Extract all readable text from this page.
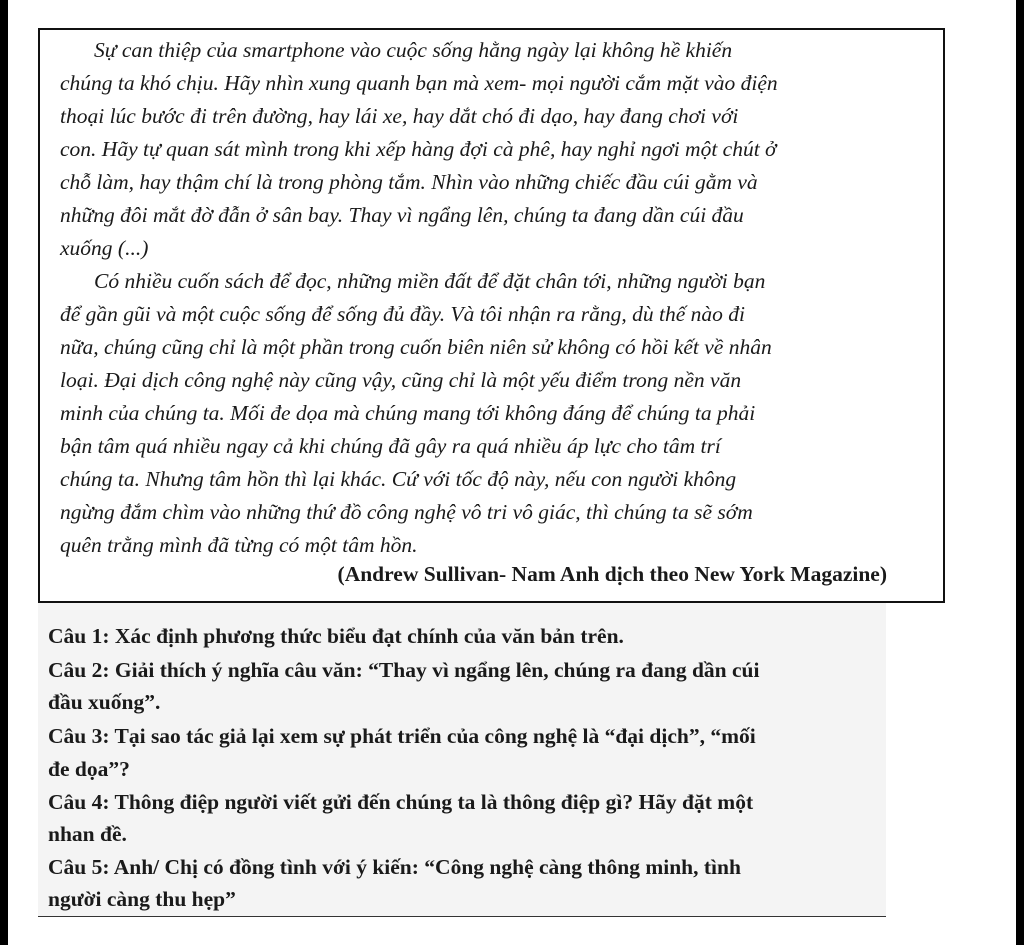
Sự can thiệp của smartphone vào cuộc sống hằng ngày lại không hề khiến
chúng ta khó chịu. Hãy nhìn xung quanh bạn mà xem- mọi người cắm mặt vào điện
thoại lúc bước đi trên đường, hay lái xe, hay dắt chó đi dạo, hay đang chơi với
con. Hãy tự quan sát mình trong khi xếp hàng đợi cà phê, hay nghỉ ngơi một chút ở
chỗ làm, hay thậm chí là trong phòng tắm. Nhìn vào những chiếc đầu cúi gằm và
những đôi mắt đờ đẫn ở sân bay. Thay vì ngẩng lên, chúng ta đang dần cúi đầu
xuống (...)
Có nhiều cuốn sách để đọc, những miền đất để đặt chân tới, những người bạn
để gần gũi và một cuộc sống để sống đủ đầy. Và tôi nhận ra rằng, dù thế nào đi
nữa, chúng cũng chỉ là một phần trong cuốn biên niên sử không có hồi kết về nhân
loại. Đại dịch công nghệ này cũng vậy, cũng chỉ là một yếu điểm trong nền văn
minh của chúng ta. Mối đe dọa mà chúng mang tới không đáng để chúng ta phải
bận tâm quá nhiều ngay cả khi chúng đã gây ra quá nhiều áp lực cho tâm trí
chúng ta. Nhưng tâm hồn thì lại khác. Cứ với tốc độ này, nếu con người không
ngừng đắm chìm vào những thứ đồ công nghệ vô tri vô giác, thì chúng ta sẽ sớm
quên trằng mình đã từng có một tâm hồn.
(Andrew Sullivan- Nam Anh dịch theo New York Magazine)
Câu 1: Xác định phương thức biểu đạt chính của văn bản trên.
Câu 2: Giải thích ý nghĩa câu văn: “Thay vì ngẩng lên, chúng ra đang dần cúi
đầu xuống”.
Câu 3: Tại sao tác giả lại xem sự phát triển của công nghệ là “đại dịch”, “mối
đe dọa”?
Câu 4: Thông điệp người viết gửi đến chúng ta là thông điệp gì? Hãy đặt một
nhan đề.
Câu 5: Anh/ Chị có đồng tình với ý kiến: “Công nghệ càng thông minh, tình
người càng thu hẹp”
